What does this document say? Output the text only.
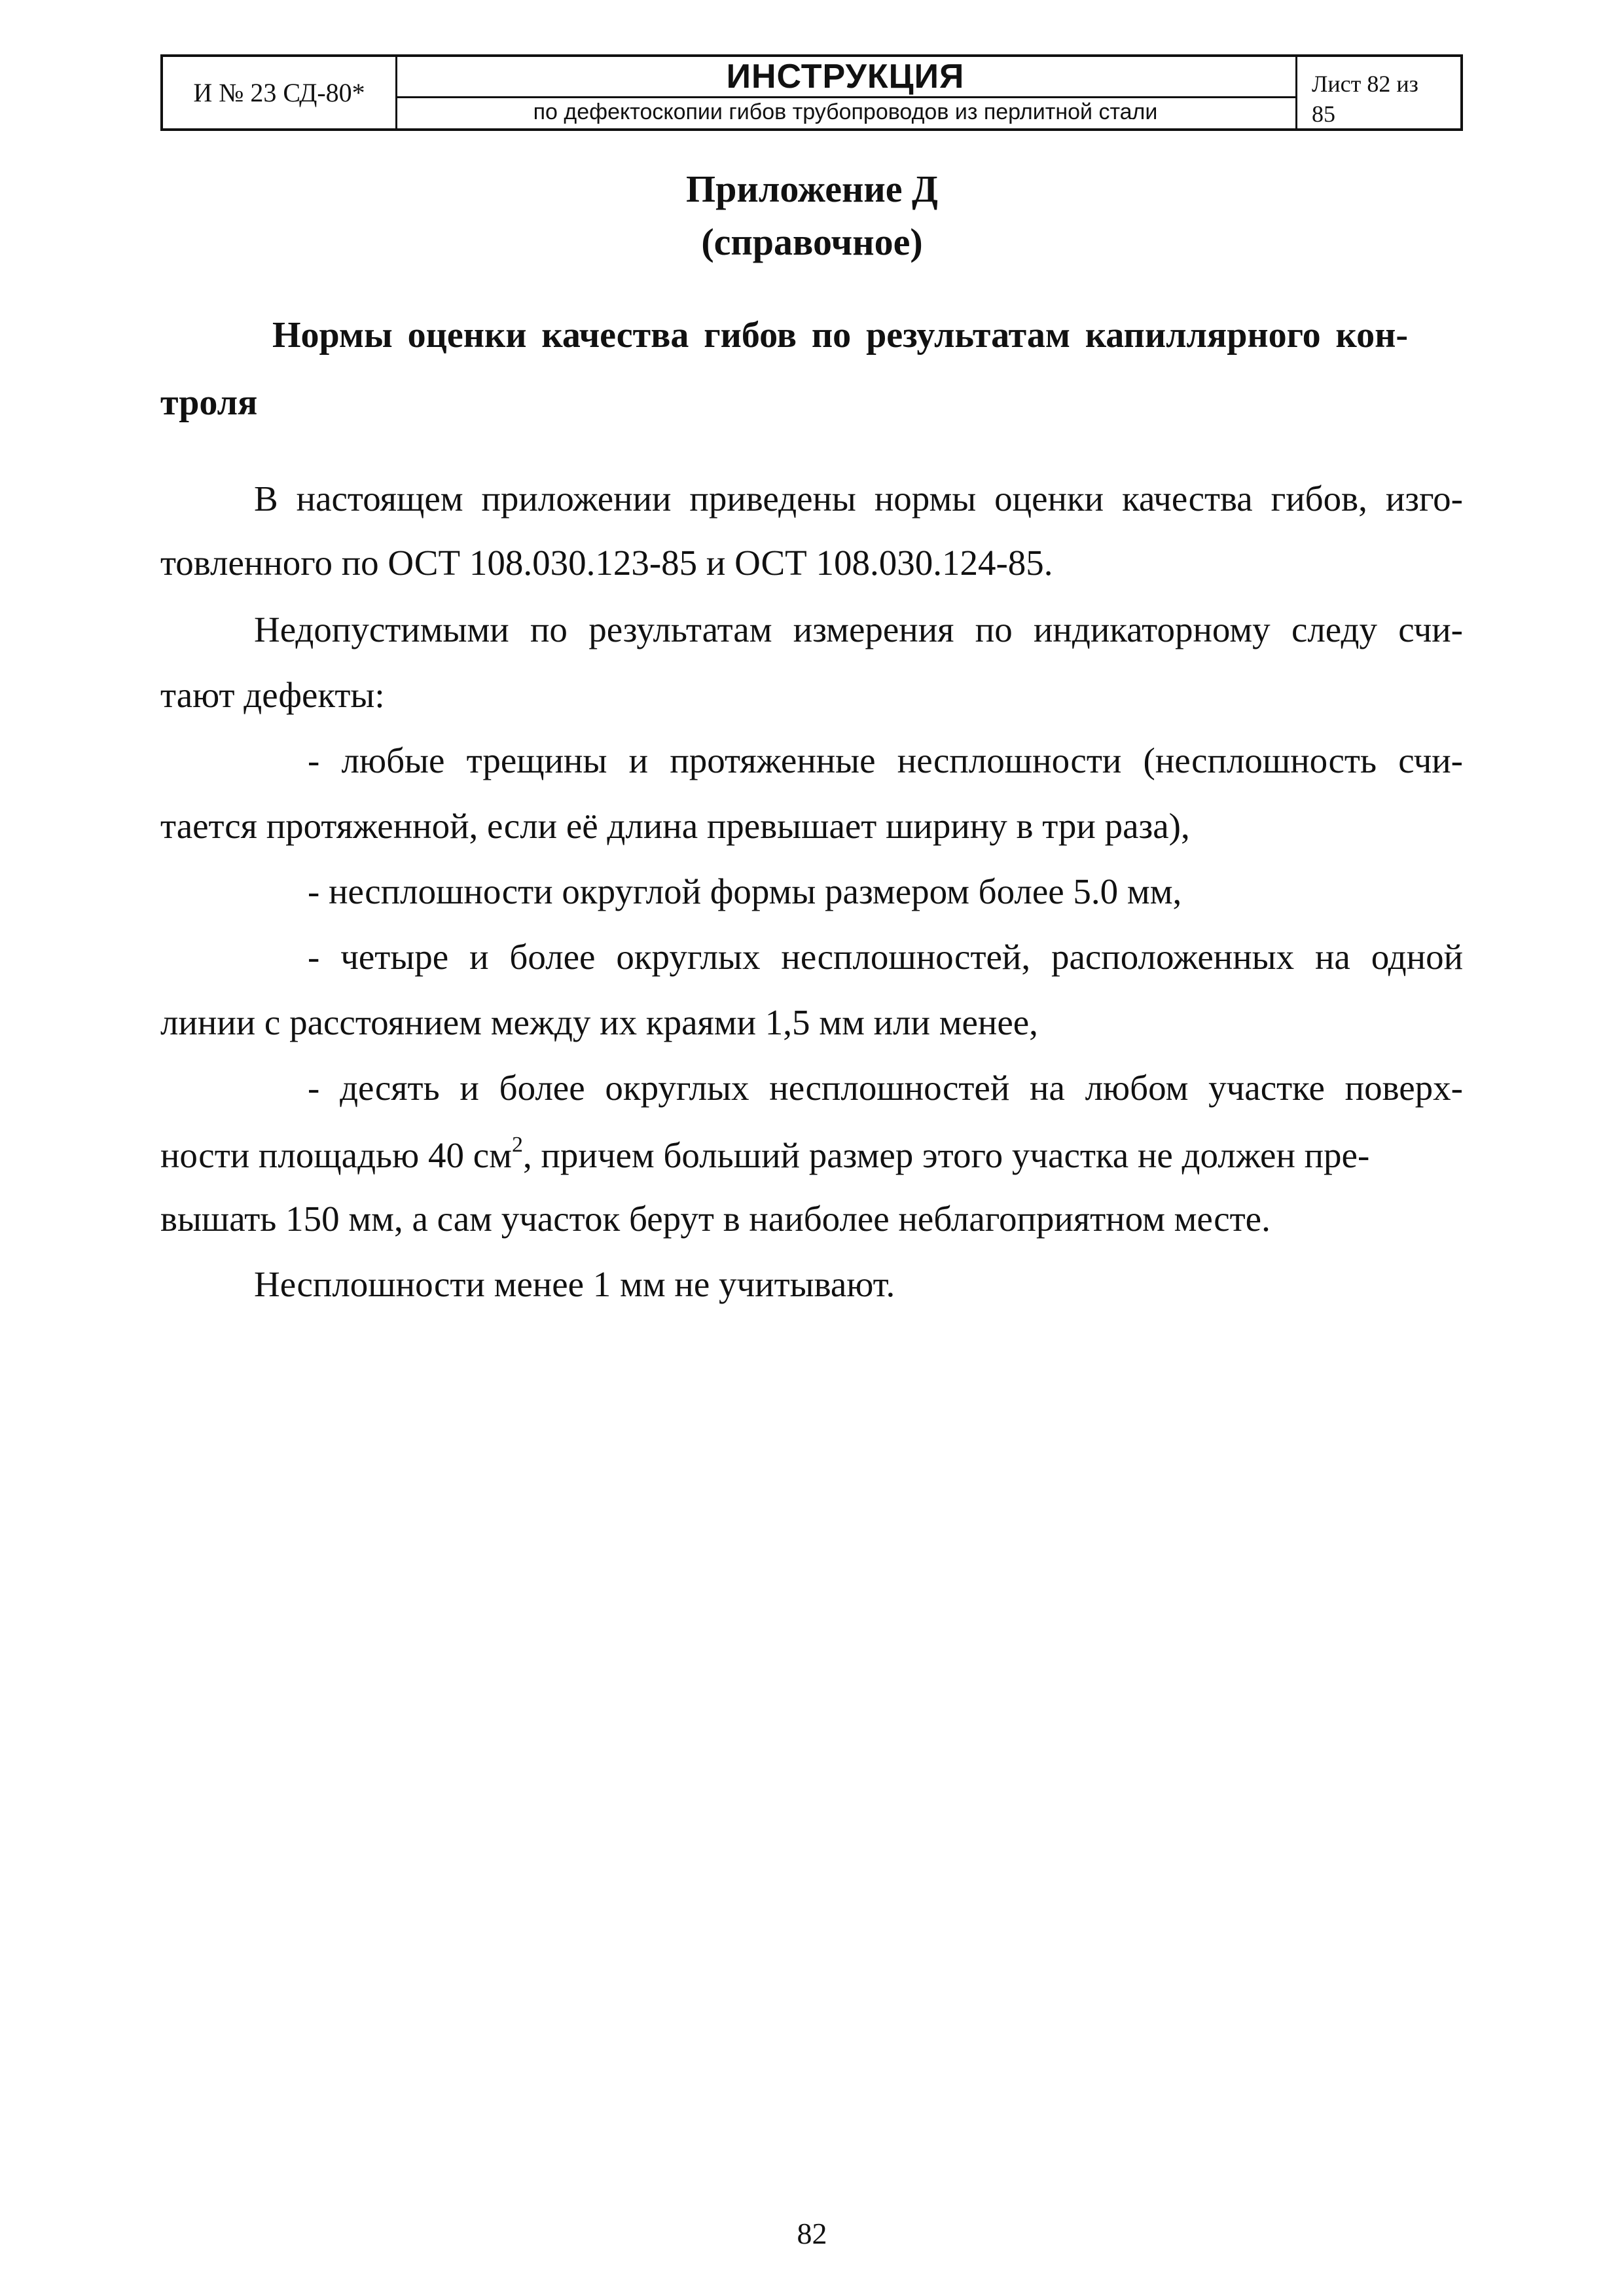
И № 23 СД-80*	ИНСТРУКЦИЯ
по дефектоскопии гибов трубопроводов из перлитной стали
Лист 82 из
85
Приложение Д
(справочное)
Нормы оценки качества гибов по результатам капиллярного кон-
троля
В настоящем приложении приведены нормы оценки качества гибов, изго-
товленного по ОСТ 108.030.123-85 и ОСТ 108.030.124-85.
Недопустимыми по результатам измерения по индикаторному следу счи-
тают дефекты:
- любые трещины и протяженные несплошности (несплошность счи-
тается протяженной, если её длина превышает ширину в три раза),
- несплошности округлой формы размером более 5.0 мм,
- четыре и более округлых несплошностей, расположенных на одной
линии с расстоянием между их краями 1,5 мм или менее,
- десять и более округлых несплошностей на любом участке поверх-
ности площадью 40 $см^2$, причем больший размер этого участка не должен пре-
вышать 150 мм, а сам участок берут в наиболее неблагоприятном месте.
Несплошности менее 1 мм не учитывают.
82
